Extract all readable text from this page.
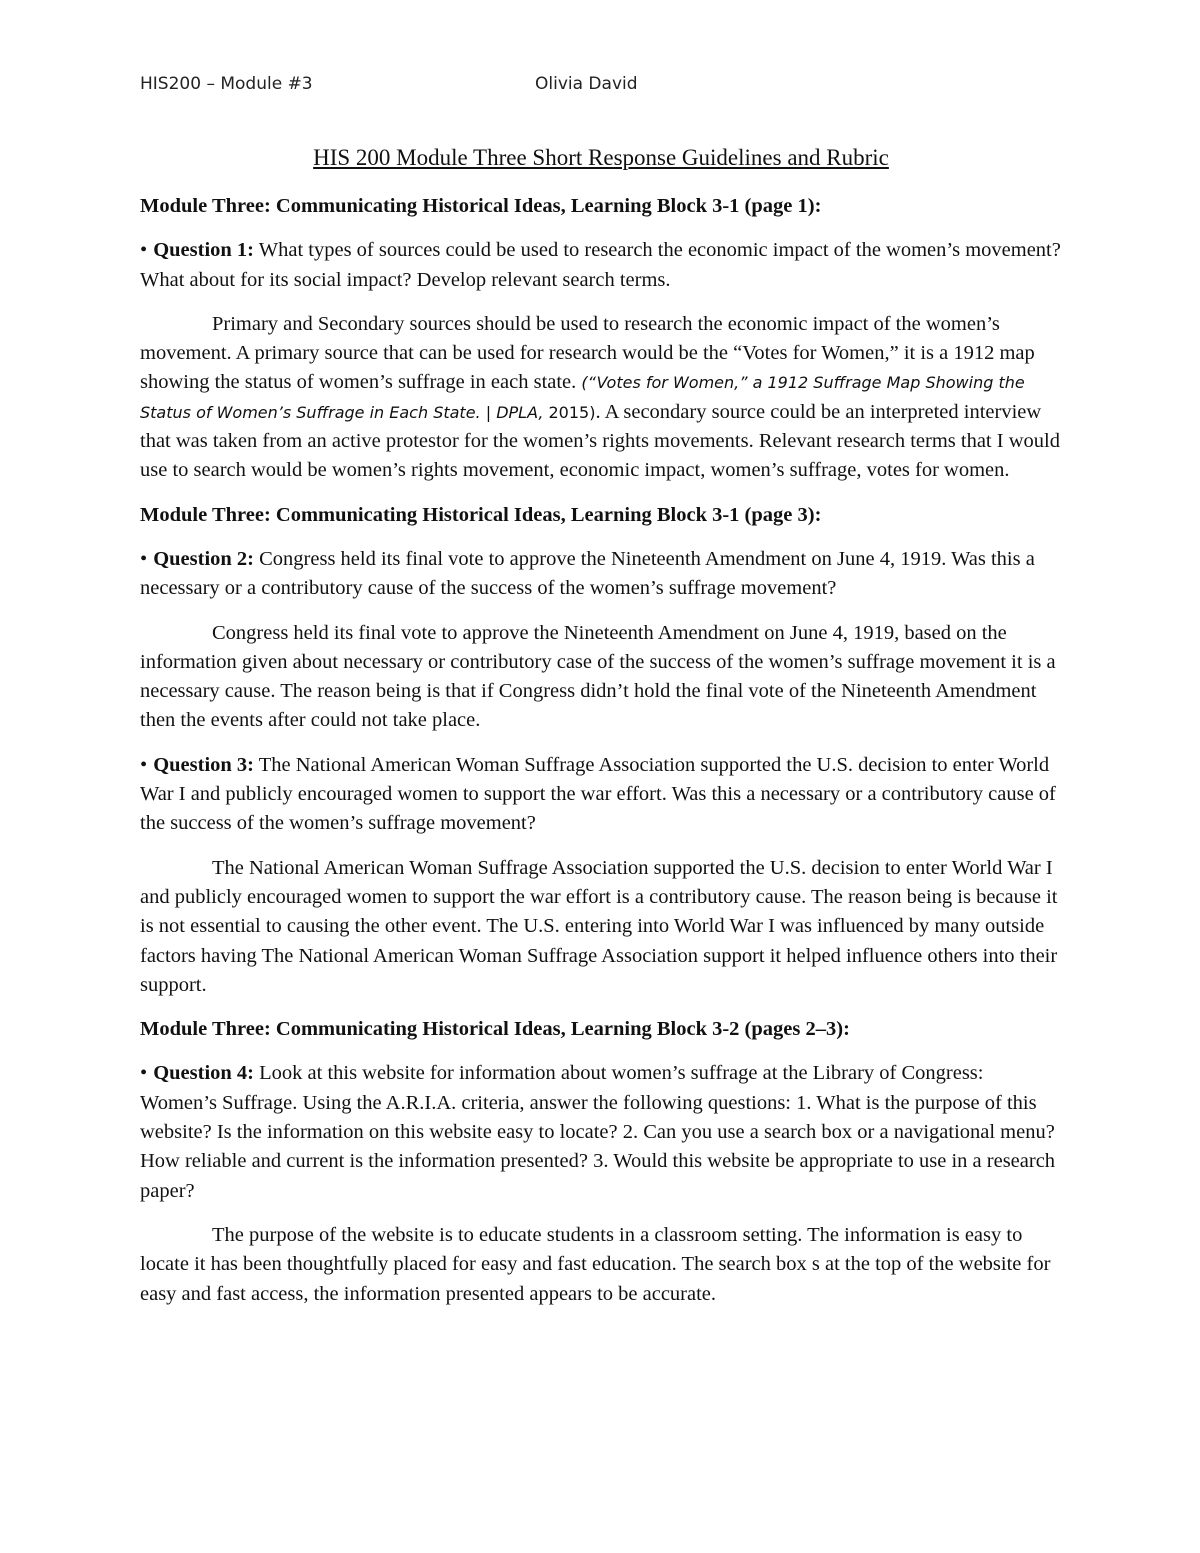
HIS200 – Module #3	Olivia David
HIS 200 Module Three Short Response Guidelines and Rubric

Module Three: Communicating Historical Ideas, Learning Block 3-1 (page 1):

• Question 1: What types of sources could be used to research the economic impact of the women’s movement? What about for its social impact? Develop relevant search terms.

Primary and Secondary sources should be used to research the economic impact of the women’s movement. A primary source that can be used for research would be the “Votes for Women,” it is a 1912 map showing the status of women’s suffrage in each state. (“Votes for Women,” a 1912 Suffrage Map Showing the Status of Women’s Suffrage in Each State. | DPLA, 2015). A secondary source could be an interpreted interview that was taken from an active protestor for the women’s rights movements. Relevant research terms that I would use to search would be women’s rights movement, economic impact, women’s suffrage, votes for women.

Module Three: Communicating Historical Ideas, Learning Block 3-1 (page 3):

• Question 2: Congress held its final vote to approve the Nineteenth Amendment on June 4, 1919. Was this a necessary or a contributory cause of the success of the women’s suffrage movement?

Congress held its final vote to approve the Nineteenth Amendment on June 4, 1919, based on the information given about necessary or contributory case of the success of the women’s suffrage movement it is a necessary cause. The reason being is that if Congress didn’t hold the final vote of the Nineteenth Amendment then the events after could not take place.

• Question 3: The National American Woman Suffrage Association supported the U.S. decision to enter World War I and publicly encouraged women to support the war effort. Was this a necessary or a contributory cause of the success of the women’s suffrage movement?

The National American Woman Suffrage Association supported the U.S. decision to enter World War I and publicly encouraged women to support the war effort is a contributory cause. The reason being is because it is not essential to causing the other event. The U.S. entering into World War I was influenced by many outside factors having The National American Woman Suffrage Association support it helped influence others into their support.

Module Three: Communicating Historical Ideas, Learning Block 3-2 (pages 2–3):

• Question 4: Look at this website for information about women’s suffrage at the Library of Congress: Women’s Suffrage. Using the A.R.I.A. criteria, answer the following questions: 1. What is the purpose of this website? Is the information on this website easy to locate? 2. Can you use a search box or a navigational menu? How reliable and current is the information presented? 3. Would this website be appropriate to use in a research paper?

The purpose of the website is to educate students in a classroom setting. The information is easy to locate it has been thoughtfully placed for easy and fast education. The search box s at the top of the website for easy and fast access, the information presented appears to be accurate.
